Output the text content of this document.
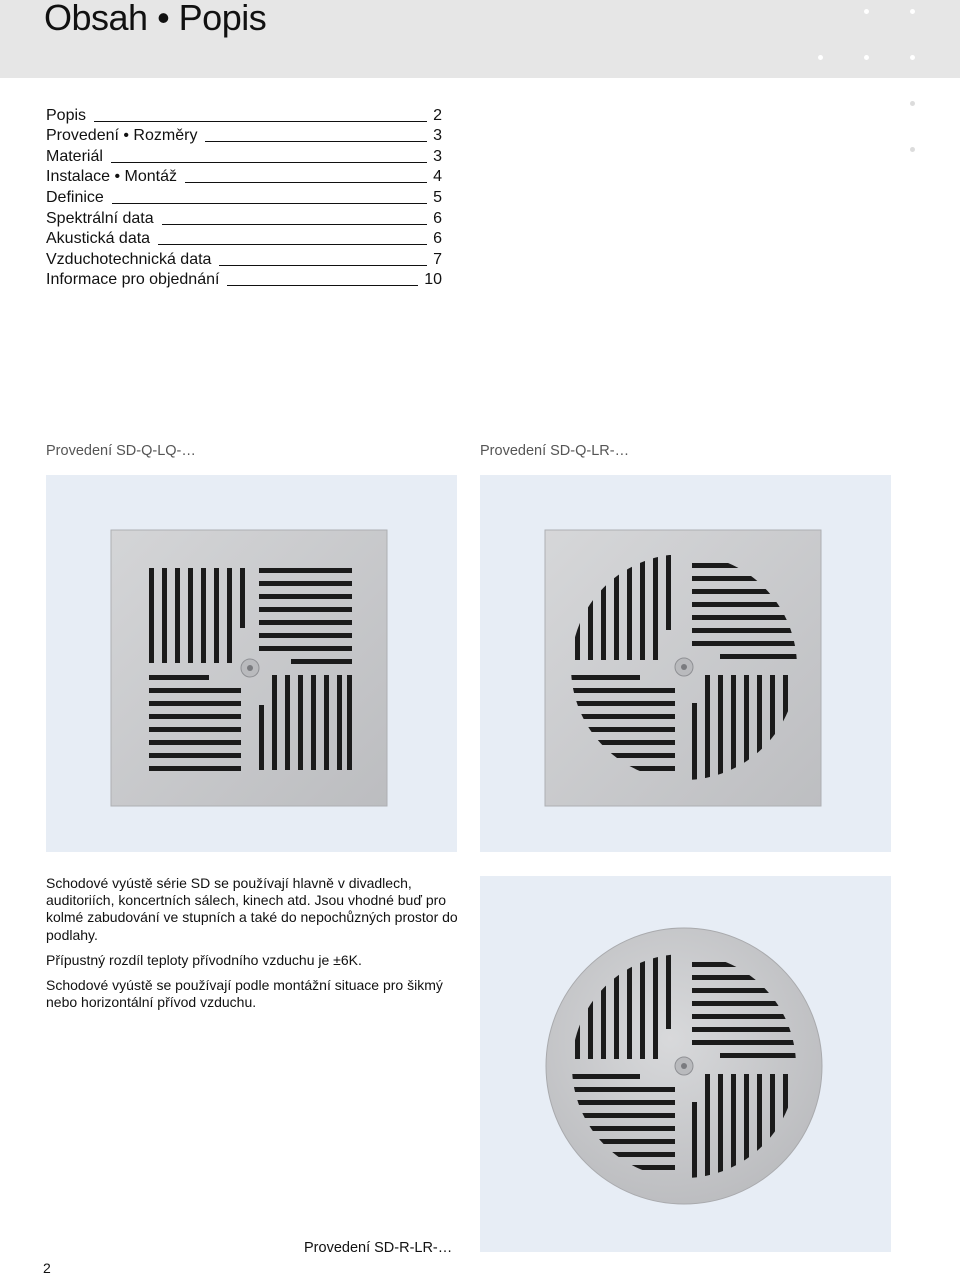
Obsah • Popis
Popis	2
Provedení • Rozměry	3
Materiál	3
Instalace • Montáž	4
Definice	5
Spektrální data	6
Akustická data	6
Vzduchotechnická data	7
Informace pro objednání	10
Provedení SD-Q-LQ-…	Provedení SD-Q-LR-…

Schodové vyústě série SD se používají hlavně v divadlech, auditoriích, koncertních sálech, kinech atd. Jsou vhodné buď pro kolmé zabudování ve stupních a také do nepochůzných prostor do podlahy.

Přípustný rozdíl teploty přívodního vzduchu je ±6K.

Schodové vyústě se používají podle montážní situace pro šikmý nebo horizontální přívod vzduchu.

Provedení SD-R-LR-…
2
